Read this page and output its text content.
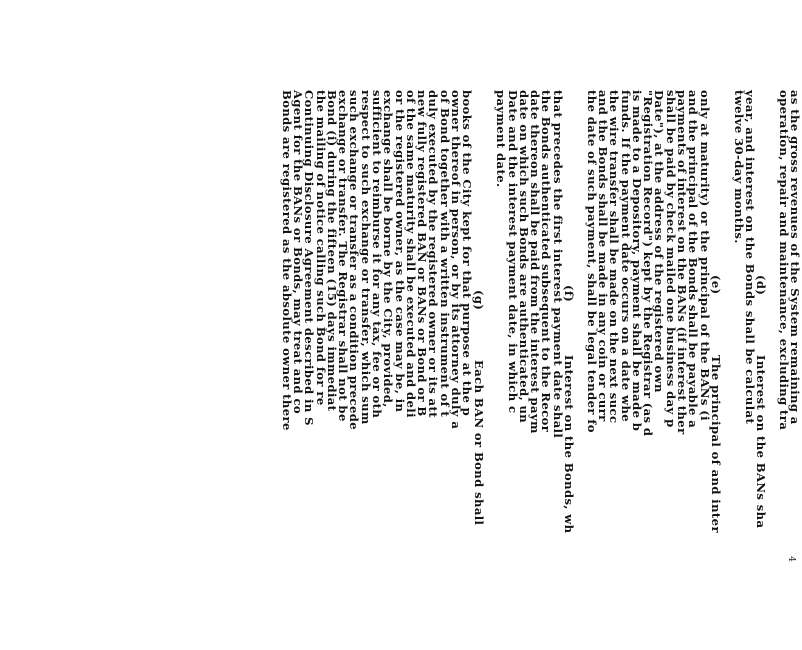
as the gross revenues of the System remaining a
operation, repair and maintenance, excluding tra
(d)Interest on the BANs sha
year, and interest on the Bonds shall be calculat
twelve 30-day months.
(e)The principal of and inter
only at maturity) or the principal of the BANs (i
and the principal of the Bonds shall be payable a
payments of interest on the BANs (if interest ther
shall be paid by check mailed one business day p
Date"), at the address of the registered own
"Registration Record") kept by the Registrar (as d
is made to a Depository, payment shall be made b
funds. If the payment date occurs on a date whe
the wire transfer shall be made on the next succ
and the Bonds shall be made in any coin or curr
the date of such payment, shall be legal tender fo
(f)Interest on the Bonds, wh
that precedes the first interest payment date shall
the Bonds authenticated subsequent to the Recor
date thereon shall be paid from the interest paym
date on which such Bonds are authenticated, un
Date and the interest payment date, in which c
payment date.
(g)Each BAN or Bond shall
books of the City kept for that purpose at the p
owner thereof in person, or by its attorney duly a
of Bond together with a written instrument of t
duly executed by the registered owner or its att
new fully registered BAN or BANs or Bond or B
of the same maturity shall be executed and deli
or the registered owner, as the case may be, in
exchange shall be borne by the City, provided,
sufficient to reimburse it for any tax, fee or oth
respect to such exchange or transfer, which sum
such exchange or transfer as a condition precede
exchange or transfer. The Registrar shall not be
Bond (i) during the fifteen (15) days immediat
the mailing of notice calling such Bond for re
Continuing Disclosure Agreement described in S
Agent for the BANs or Bonds, may treat and co
Bonds are registered as the absolute owner there
4
